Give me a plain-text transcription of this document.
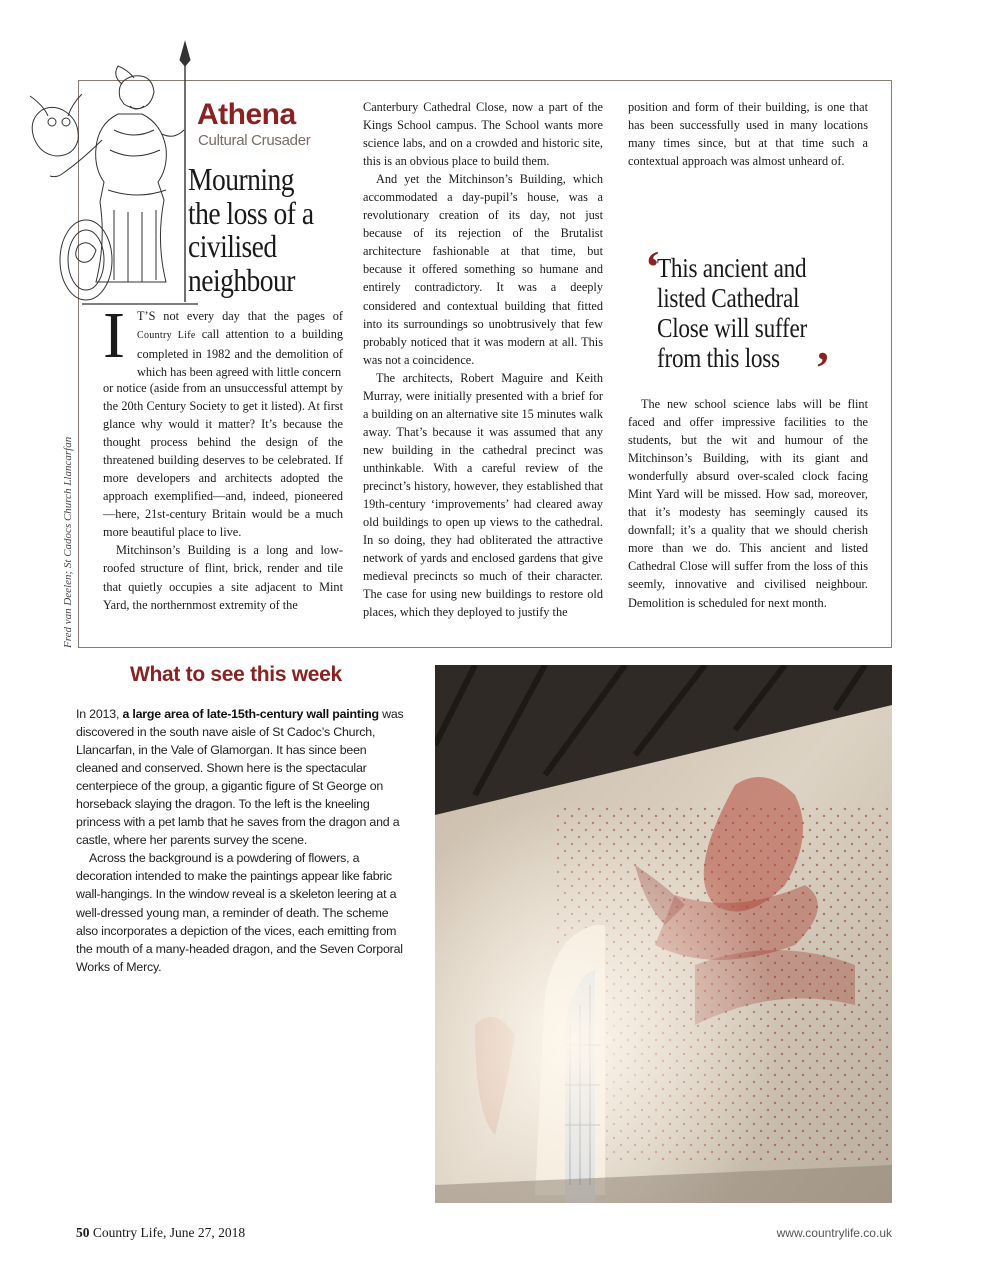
Athena
Cultural Crusader
Mourning the loss of a civilised neighbour
I T’S not every day that the pages of Country Life call attention to a building completed in 1982 and the demolition of which has been agreed with little concern

or notice (aside from an unsuccessful attempt by the 20th Century Society to get it listed). At first glance why would it matter? It’s because the thought process behind the design of the threatened building deserves to be celebrated. If more developers and architects adopted the approach exemplified—and, indeed, pioneered—here, 21st-century Britain would be a much more beautiful place to live.

Mitchinson’s Building is a long and low-roofed structure of flint, brick, render and tile that quietly occupies a site adjacent to Mint Yard, the northernmost extremity of the

Canterbury Cathedral Close, now a part of the Kings School campus. The School wants more science labs, and on a crowded and historic site, this is an obvious place to build them.

And yet the Mitchinson’s Building, which accommodated a day-pupil’s house, was a revolutionary creation of its day, not just because of its rejection of the Brutalist architecture fashionable at that time, but because it offered something so humane and entirely contradictory. It was a deeply considered and contextual building that fitted into its surroundings so unobtrusively that few probably noticed that it was modern at all. This was not a coincidence.

The architects, Robert Maguire and Keith Murray, were initially presented with a brief for a building on an alternative site 15 minutes walk away. That’s because it was assumed that any new building in the cathedral precinct was unthinkable. With a careful review of the precinct’s history, however, they established that 19th-century ‘improvements’ had cleared away old buildings to open up views to the cathedral. In so doing, they had obliterated the attractive network of yards and enclosed gardens that give medieval precincts so much of their character. The case for using new buildings to restore old places, which they deployed to justify the

position and form of their building, is one that has been successfully used in many locations many times since, but at that time such a contextual approach was almost unheard of.

‘
This ancient and listed Cathedral Close will suffer from this loss ’

The new school science labs will be flint faced and offer impressive facilities to the students, but the wit and humour of the Mitchinson’s Building, with its giant and wonderfully absurd over-scaled clock facing Mint Yard will be missed. How sad, moreover, that it’s modesty has seemingly caused its downfall; it’s a quality that we should cherish more than we do. This ancient and listed Cathedral Close will suffer from the loss of this seemly, innovative and civilised neighbour. Demolition is scheduled for next month.

Fred van Deelen; St Cadocs Church Llancarfan
What to see this week

In 2013, a large area of late-15th-century wall painting was discovered in the south nave aisle of St Cadoc’s Church, Llancarfan, in the Vale of Glamorgan. It has since been cleaned and conserved. Shown here is the spectacular centerpiece of the group, a gigantic figure of St George on horseback slaying the dragon. To the left is the kneeling princess with a pet lamb that he saves from the dragon and a castle, where her parents survey the scene.

Across the background is a powdering of flowers, a decoration intended to make the paintings appear like fabric wall-hangings. In the window reveal is a skeleton leering at a well-dressed young man, a reminder of death. The scheme also incorporates a depiction of the vices, each emitting from the mouth of a many-headed dragon, and the Seven Corporal Works of Mercy.

50 Country Life, June 27, 2018	www.countrylife.co.uk
